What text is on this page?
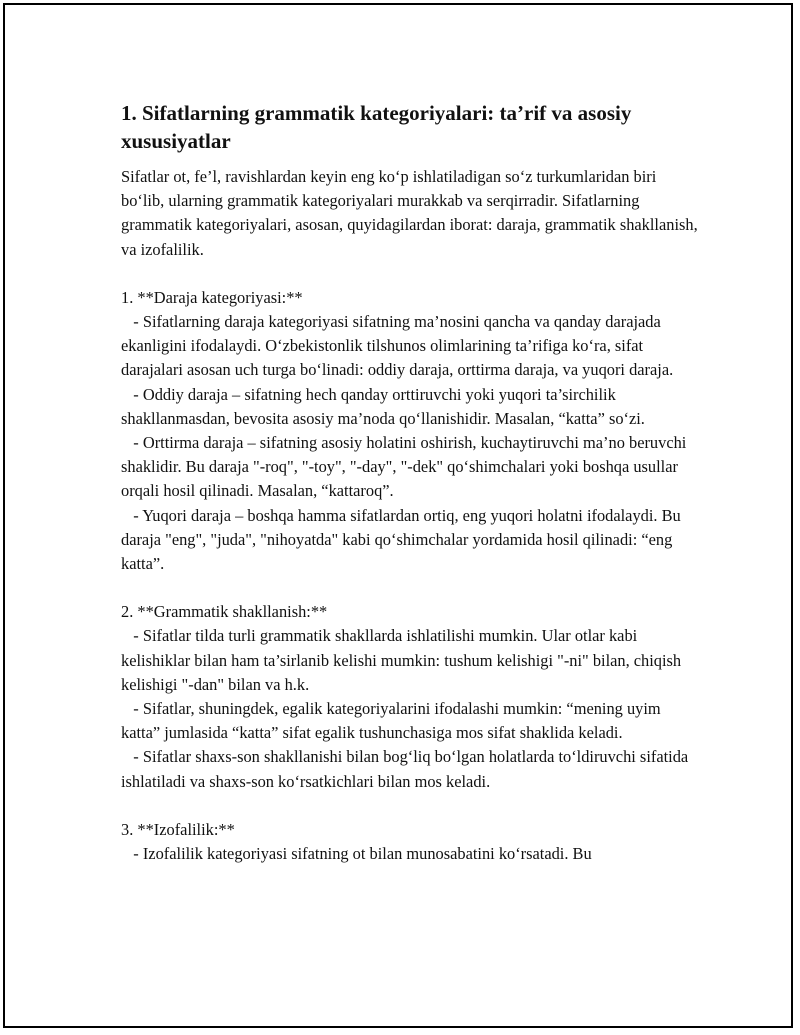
1. Sifatlarning grammatik kategoriyalari: ta’rif va asosiy xususiyatlar

Sifatlar ot, fe’l, ravishlardan keyin eng ko‘p ishlatiladigan so‘z turkumlaridan biri bo‘lib, ularning grammatik kategoriyalari murakkab va serqirradir. Sifatlarning grammatik kategoriyalari, asosan, quyidagilardan iborat: daraja, grammatik shakllanish, va izofalilik.

1. **Daraja kategoriyasi:**

- Sifatlarning daraja kategoriyasi sifatning ma’nosini qancha va qanday darajada ekanligini ifodalaydi. O‘zbekistonlik tilshunos olimlarining ta’rifiga ko‘ra, sifat darajalari asosan uch turga bo‘linadi: oddiy daraja, orttirma daraja, va yuqori daraja.

- Oddiy daraja – sifatning hech qanday orttiruvchi yoki yuqori ta’sirchilik shakllanmasdan, bevosita asosiy ma’noda qo‘llanishidir. Masalan, “katta” so‘zi.

- Orttirma daraja – sifatning asosiy holatini oshirish, kuchaytiruvchi ma’no beruvchi shaklidir. Bu daraja "-roq", "-toy", "-day", "-dek" qo‘shimchalari yoki boshqa usullar orqali hosil qilinadi. Masalan, “kattaroq”.

- Yuqori daraja – boshqa hamma sifatlardan ortiq, eng yuqori holatni ifodalaydi. Bu daraja "eng", "juda", "nihoyatda" kabi qo‘shimchalar yordamida hosil qilinadi: “eng katta”.

2. **Grammatik shakllanish:**

- Sifatlar tilda turli grammatik shakllarda ishlatilishi mumkin. Ular otlar kabi kelishiklar bilan ham ta’sirlanib kelishi mumkin: tushum kelishigi "-ni" bilan, chiqish kelishigi "-dan" bilan va h.k.

- Sifatlar, shuningdek, egalik kategoriyalarini ifodalashi mumkin: “mening uyim katta” jumlasida “katta” sifat egalik tushunchasiga mos sifat shaklida keladi.

- Sifatlar shaxs-son shakllanishi bilan bog‘liq bo‘lgan holatlarda to‘ldiruvchi sifatida ishlatiladi va shaxs-son ko‘rsatkichlari bilan mos keladi.

3. **Izofalilik:**

- Izofalilik kategoriyasi sifatning ot bilan munosabatini ko‘rsatadi. Bu
